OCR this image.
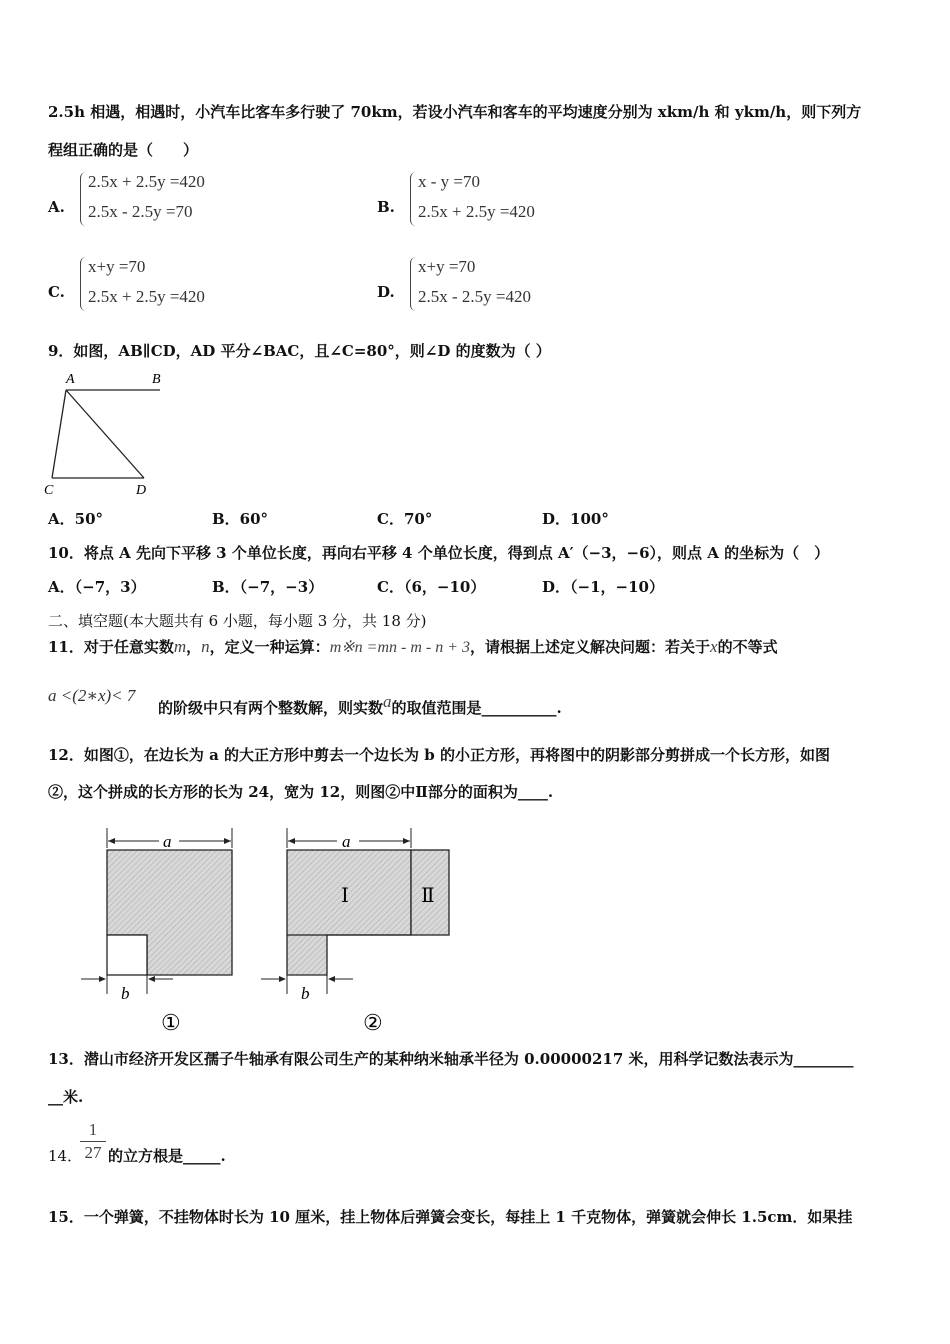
2.5h 相遇，相遇时，小汽车比客车多行驶了 70km，若设小汽车和客车的平均速度分别为 xkm/h 和 ykm/h，则下列方
程组正确的是（　　）
A.
2.5x + 2.5y =420
2.5x - 2.5y =70	B.
x - y =70
2.5x + 2.5y =420
C.
x+y =70
2.5x + 2.5y =420	D.
x+y =70
2.5x - 2.5y =420
9．如图，AB∥CD，AD 平分∠BAC，且∠C=80°，则∠D 的度数为（ ）
A	B
C	D
A．50°	B．60°	C．70°	D．100°
10．将点 A 先向下平移 3 个单位长度，再向右平移 4 个单位长度，得到点 A′（−3，−6），则点 A 的坐标为（　）
A．（−7，3）	B．（−7，−3）	C．（6，−10）	D．（−1，−10）
二、填空题(本大题共有 6 小题，每小题 3 分，共 18 分)
11．对于任意实数m，n，定义一种运算：m※n =mn - m - n + 3，请根据上述定义解决问题：若关于x的不等式
a <(2∗x)< 7
的阶级中只有两个整数解，则实数a的取值范围是__________.
12．如图①，在边长为 a 的大正方形中剪去一个边长为 b 的小正方形，再将图中的阴影部分剪拼成一个长方形，如图
②，这个拼成的长方形的长为 24，宽为 12，则图②中Ⅱ部分的面积为____.
a
b
①
Ⅰ	Ⅱ
a
b
②
13．潜山市经济开发区孺子牛轴承有限公司生产的某种纳米轴承半径为 0.00000217 米，用科学记数法表示为________
__米.
14．
1
27 的立方根是_____.
15．一个弹簧，不挂物体时长为 10 厘米，挂上物体后弹簧会变长，每挂上 1 千克物体，弹簧就会伸长 1.5cm．如果挂
